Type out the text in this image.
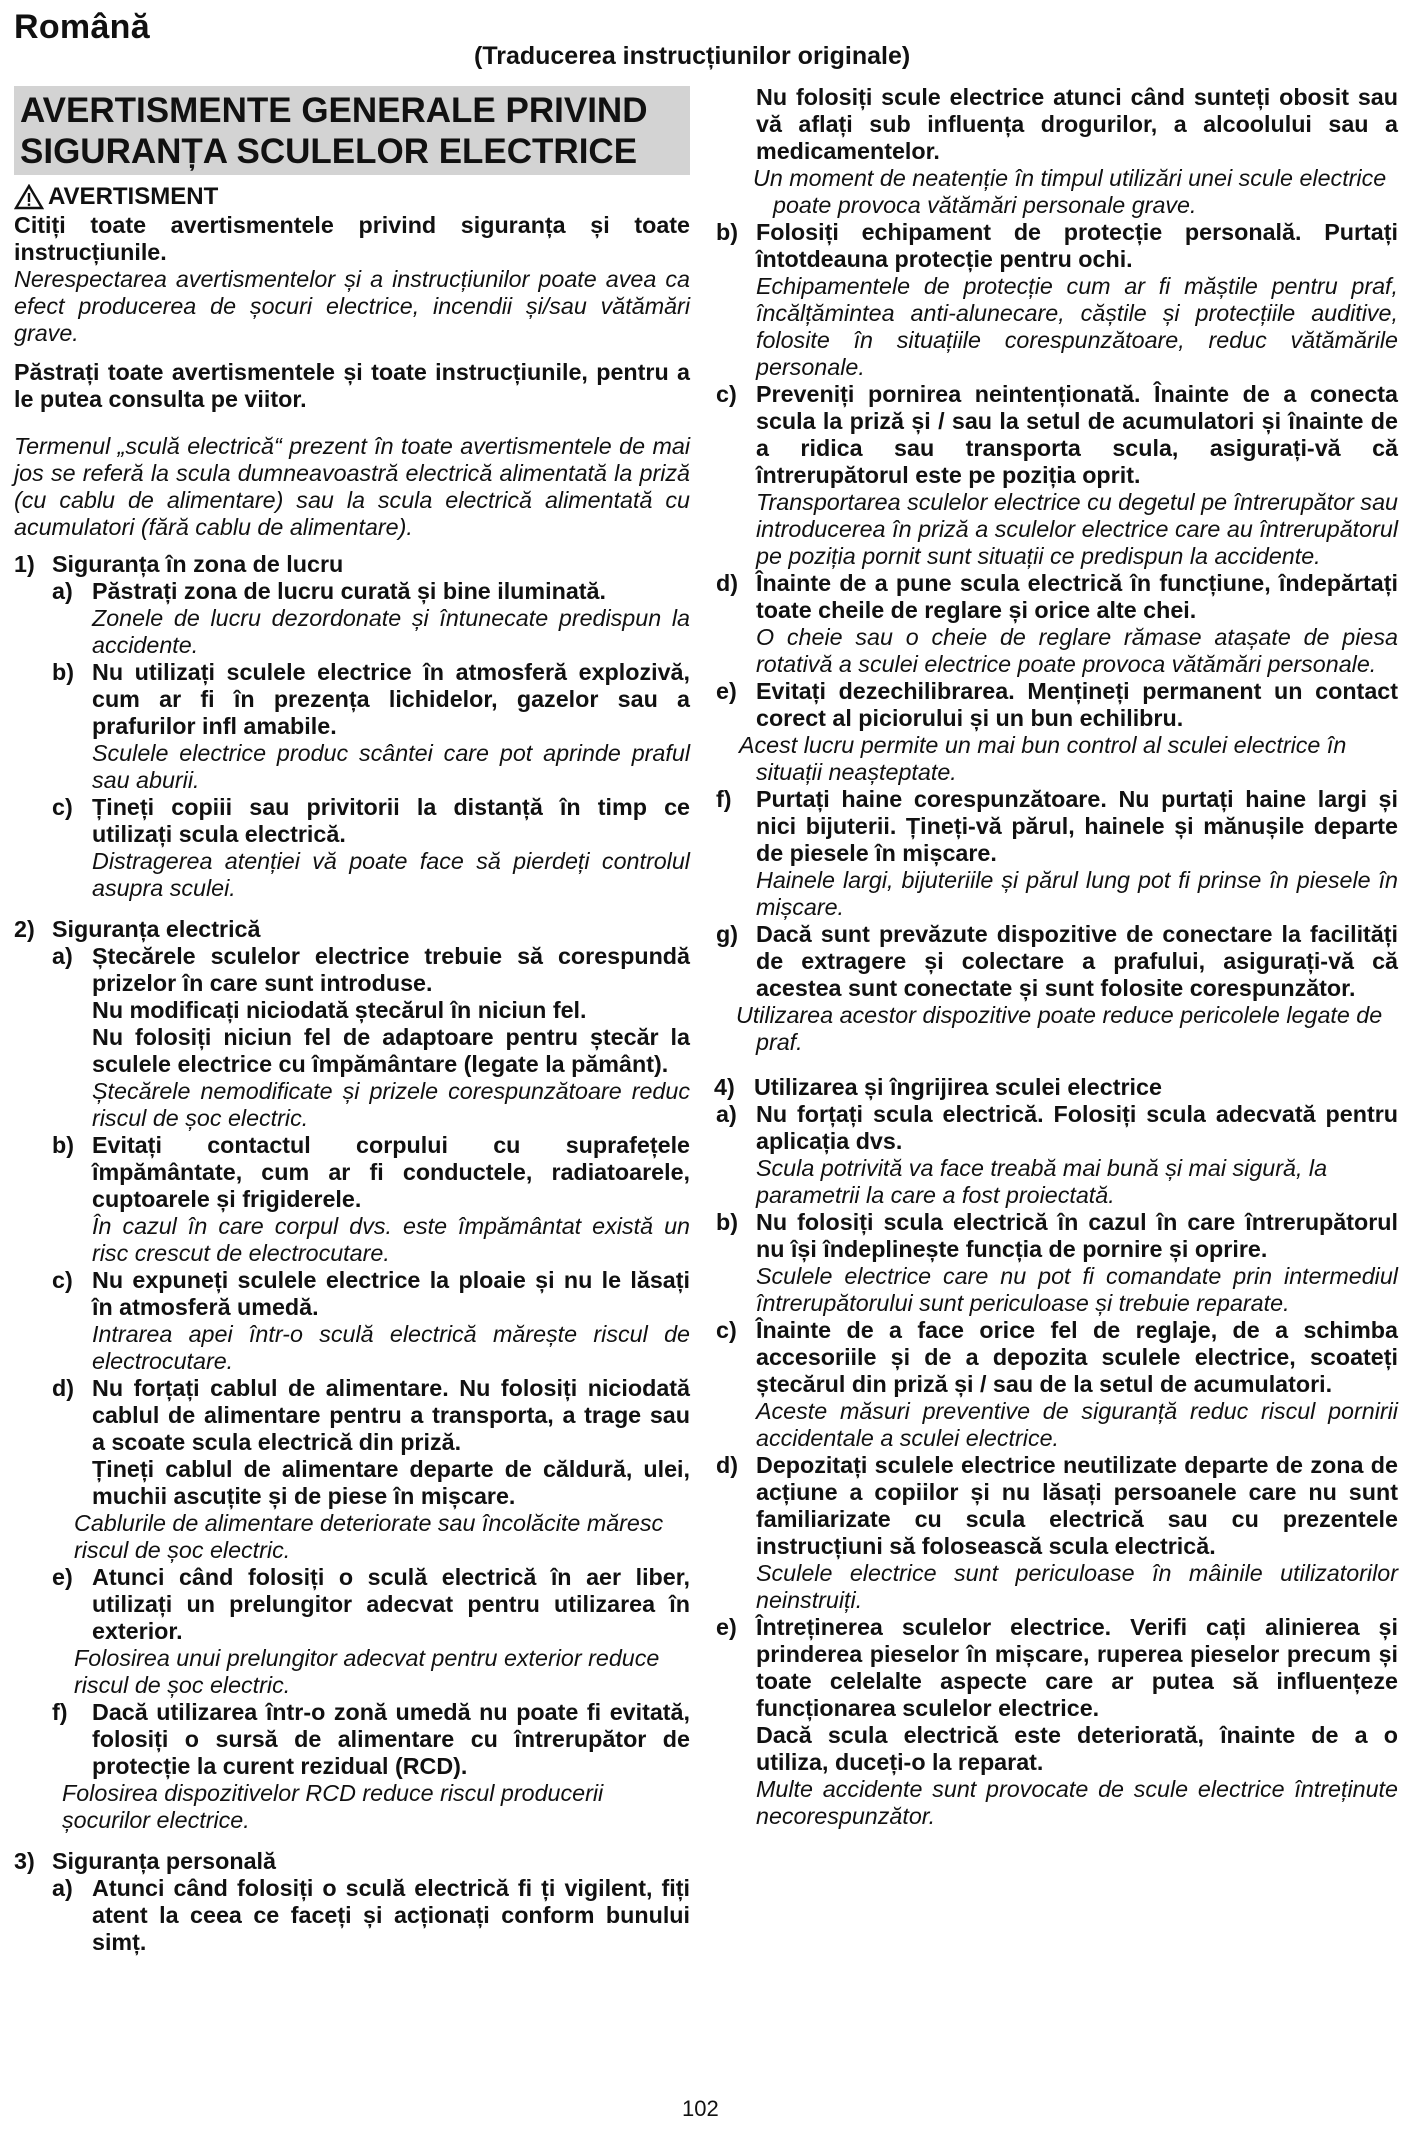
Română
(Traducerea instrucțiunilor originale)
AVERTISMENTE GENERALE PRIVIND SIGURANȚA SCULELOR ELECTRICE
AVERTISMENT

Citiți toate avertismentele privind siguranța și toate instrucțiunile.

Nerespectarea avertismentelor și a instrucțiunilor poate avea ca efect producerea de șocuri electrice, incendii și/sau vătămări grave.

Păstrați toate avertismentele și toate instrucțiunile, pentru a le putea consulta pe viitor.

Termenul „sculă electrică“ prezent în toate avertismentele de mai jos se referă la scula dumneavoastră electrică alimentată la priză (cu cablu de alimentare) sau la scula electrică alimentată cu acumulatori (fără cablu de alimentare).

1) Siguranța în zona de lucru
a) Păstrați zona de lucru curată și bine iluminată.

Zonele de lucru dezordonate și întunecate predispun la accidente.

b) Nu utilizați sculele electrice în atmosferă explozivă, cum ar fi în prezența lichidelor, gazelor sau a prafurilor infl amabile.

Sculele electrice produc scântei care pot aprinde praful sau aburii.

c) Țineți copiii sau privitorii la distanță în timp ce utilizați scula electrică.

Distragerea atenției vă poate face să pierdeți controlul asupra sculei.

2) Siguranța electrică
a) Ștecărele sculelor electrice trebuie să corespundă prizelor în care sunt introduse.

Nu modificați niciodată ștecărul în niciun fel.

Nu folosiți niciun fel de adaptoare pentru ștecăr la sculele electrice cu împământare (legate la pământ).

Ștecărele nemodificate și prizele corespunzătoare reduc riscul de șoc electric.

b) Evitați contactul corpului cu suprafețele împământate, cum ar fi conductele, radiatoarele, cuptoarele și frigiderele.

În cazul în care corpul dvs. este împământat există un risc crescut de electrocutare.

c) Nu expuneți sculele electrice la ploaie și nu le lăsați în atmosferă umedă.

Intrarea apei într-o sculă electrică mărește riscul de electrocutare.

d) Nu forțați cablul de alimentare. Nu folosiți niciodată cablul de alimentare pentru a transporta, a trage sau a scoate scula electrică din priză.

Țineți cablul de alimentare departe de căldură, ulei, muchii ascuțite și de piese în mișcare.

Cablurile de alimentare deteriorate sau încolăcite măresc riscul de șoc electric.

e) Atunci când folosiți o sculă electrică în aer liber, utilizați un prelungitor adecvat pentru utilizarea în exterior.

Folosirea unui prelungitor adecvat pentru exterior reduce riscul de șoc electric.

f)	Dacă utilizarea într-o zonă umedă nu poate fi evitată, folosiți o sursă de alimentare cu întrerupător de protecție la curent rezidual (RCD).

Folosirea dispozitivelor RCD reduce riscul producerii șocurilor electrice.

3) Siguranța personală
a) Atunci când folosiți o sculă electrică fi ți vigilent, fiți atent la ceea ce faceți și acționați conform bunului simț.

Nu folosiți scule electrice atunci când sunteți obosit sau vă aflați sub influența drogurilor, a alcoolului sau a medicamentelor.

Un moment de neatenție în timpul utilizări unei scule electrice poate provoca vătămări personale grave.

b) Folosiți echipament de protecție personală. Purtați întotdeauna protecție pentru ochi.

Echipamentele de protecție cum ar fi măștile pentru praf, încălțămintea anti-alunecare, căștile și protecțiile auditive, folosite în situațiile corespunzătoare, reduc vătămările personale.

c) Preveniți pornirea neintenționată. Înainte de a conecta scula la priză și / sau la setul de acumulatori și înainte de a ridica sau transporta scula, asigurați-vă că întrerupătorul este pe poziția oprit.

Transportarea sculelor electrice cu degetul pe întrerupător sau introducerea în priză a sculelor electrice care au întrerupătorul pe poziția pornit sunt situații ce predispun la accidente.

d) Înainte de a pune scula electrică în funcțiune, îndepărtați toate cheile de reglare și orice alte chei.

O cheie sau o cheie de reglare rămase atașate de piesa rotativă a sculei electrice poate provoca vătămări personale.

e) Evitați dezechilibrarea. Mențineți permanent un contact corect al piciorului și un bun echilibru.

Acest lucru permite un mai bun control al sculei electrice în situații neașteptate.

f)	Purtați haine corespunzătoare. Nu purtați haine largi și nici bijuterii. Țineți-vă părul, hainele și mănușile departe de piesele în mișcare.

Hainele largi, bijuteriile și părul lung pot fi prinse în piesele în mișcare.

g) Dacă sunt prevăzute dispozitive de conectare la facilități de extragere și colectare a prafului, asigurați-vă că acestea sunt conectate și sunt folosite corespunzător.

Utilizarea acestor dispozitive poate reduce pericolele legate de praf.

4) Utilizarea și îngrijirea sculei electrice
a) Nu forțați scula electrică. Folosiți scula adecvată pentru aplicația dvs.

Scula potrivită va face treabă mai bună și mai sigură, la parametrii la care a fost proiectată.

b) Nu folosiți scula electrică în cazul în care întrerupătorul nu își îndeplinește funcția de pornire și oprire.

Sculele electrice care nu pot fi comandate prin intermediul întrerupătorului sunt periculoase și trebuie reparate.

c) Înainte de a face orice fel de reglaje, de a schimba accesoriile și de a depozita sculele electrice, scoateți ștecărul din priză și / sau de la setul de acumulatori.

Aceste măsuri preventive de siguranță reduc riscul pornirii accidentale a sculei electrice.

d) Depozitați sculele electrice neutilizate departe de zona de acțiune a copiilor și nu lăsați persoanele care nu sunt familiarizate cu scula electrică sau cu prezentele instrucțiuni să folosească scula electrică.

Sculele electrice sunt periculoase în mâinile utilizatorilor neinstruiți.

e) Întreținerea sculelor electrice. Verifi cați alinierea și prinderea pieselor în mișcare, ruperea pieselor precum și toate celelalte aspecte care ar putea să influențeze funcționarea sculelor electrice.

Dacă scula electrică este deteriorată, înainte de a o utiliza, duceți-o la reparat.

Multe accidente sunt provocate de scule electrice întreținute necorespunzător.

102
